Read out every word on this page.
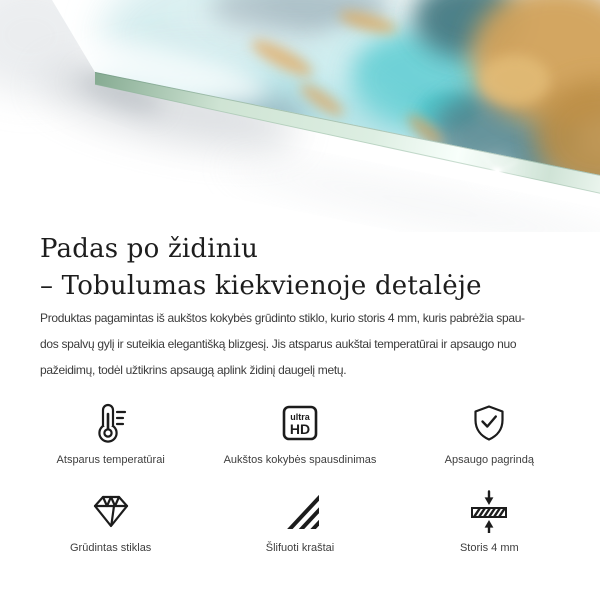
Padas po židiniu
– Tobulumas kiekvienoje detalėje
Produktas pagamintas iš aukštos kokybės grūdinto stiklo, kurio storis 4 mm, kuris pabrėžia spau-
dos spalvų gylį ir suteikia elegantišką blizgesį. Jis atsparus aukštai temperatūrai ir apsaugo nuo
pažeidimų, todėl užtikrins apsaugą aplink židinį daugelį metų.
Atsparus temperatūrai
ultra
HD
Aukštos kokybės spausdinimas	Apsaugo pagrindą
Grūdintas stiklas	Šlifuoti kraštai	Storis 4 mm
